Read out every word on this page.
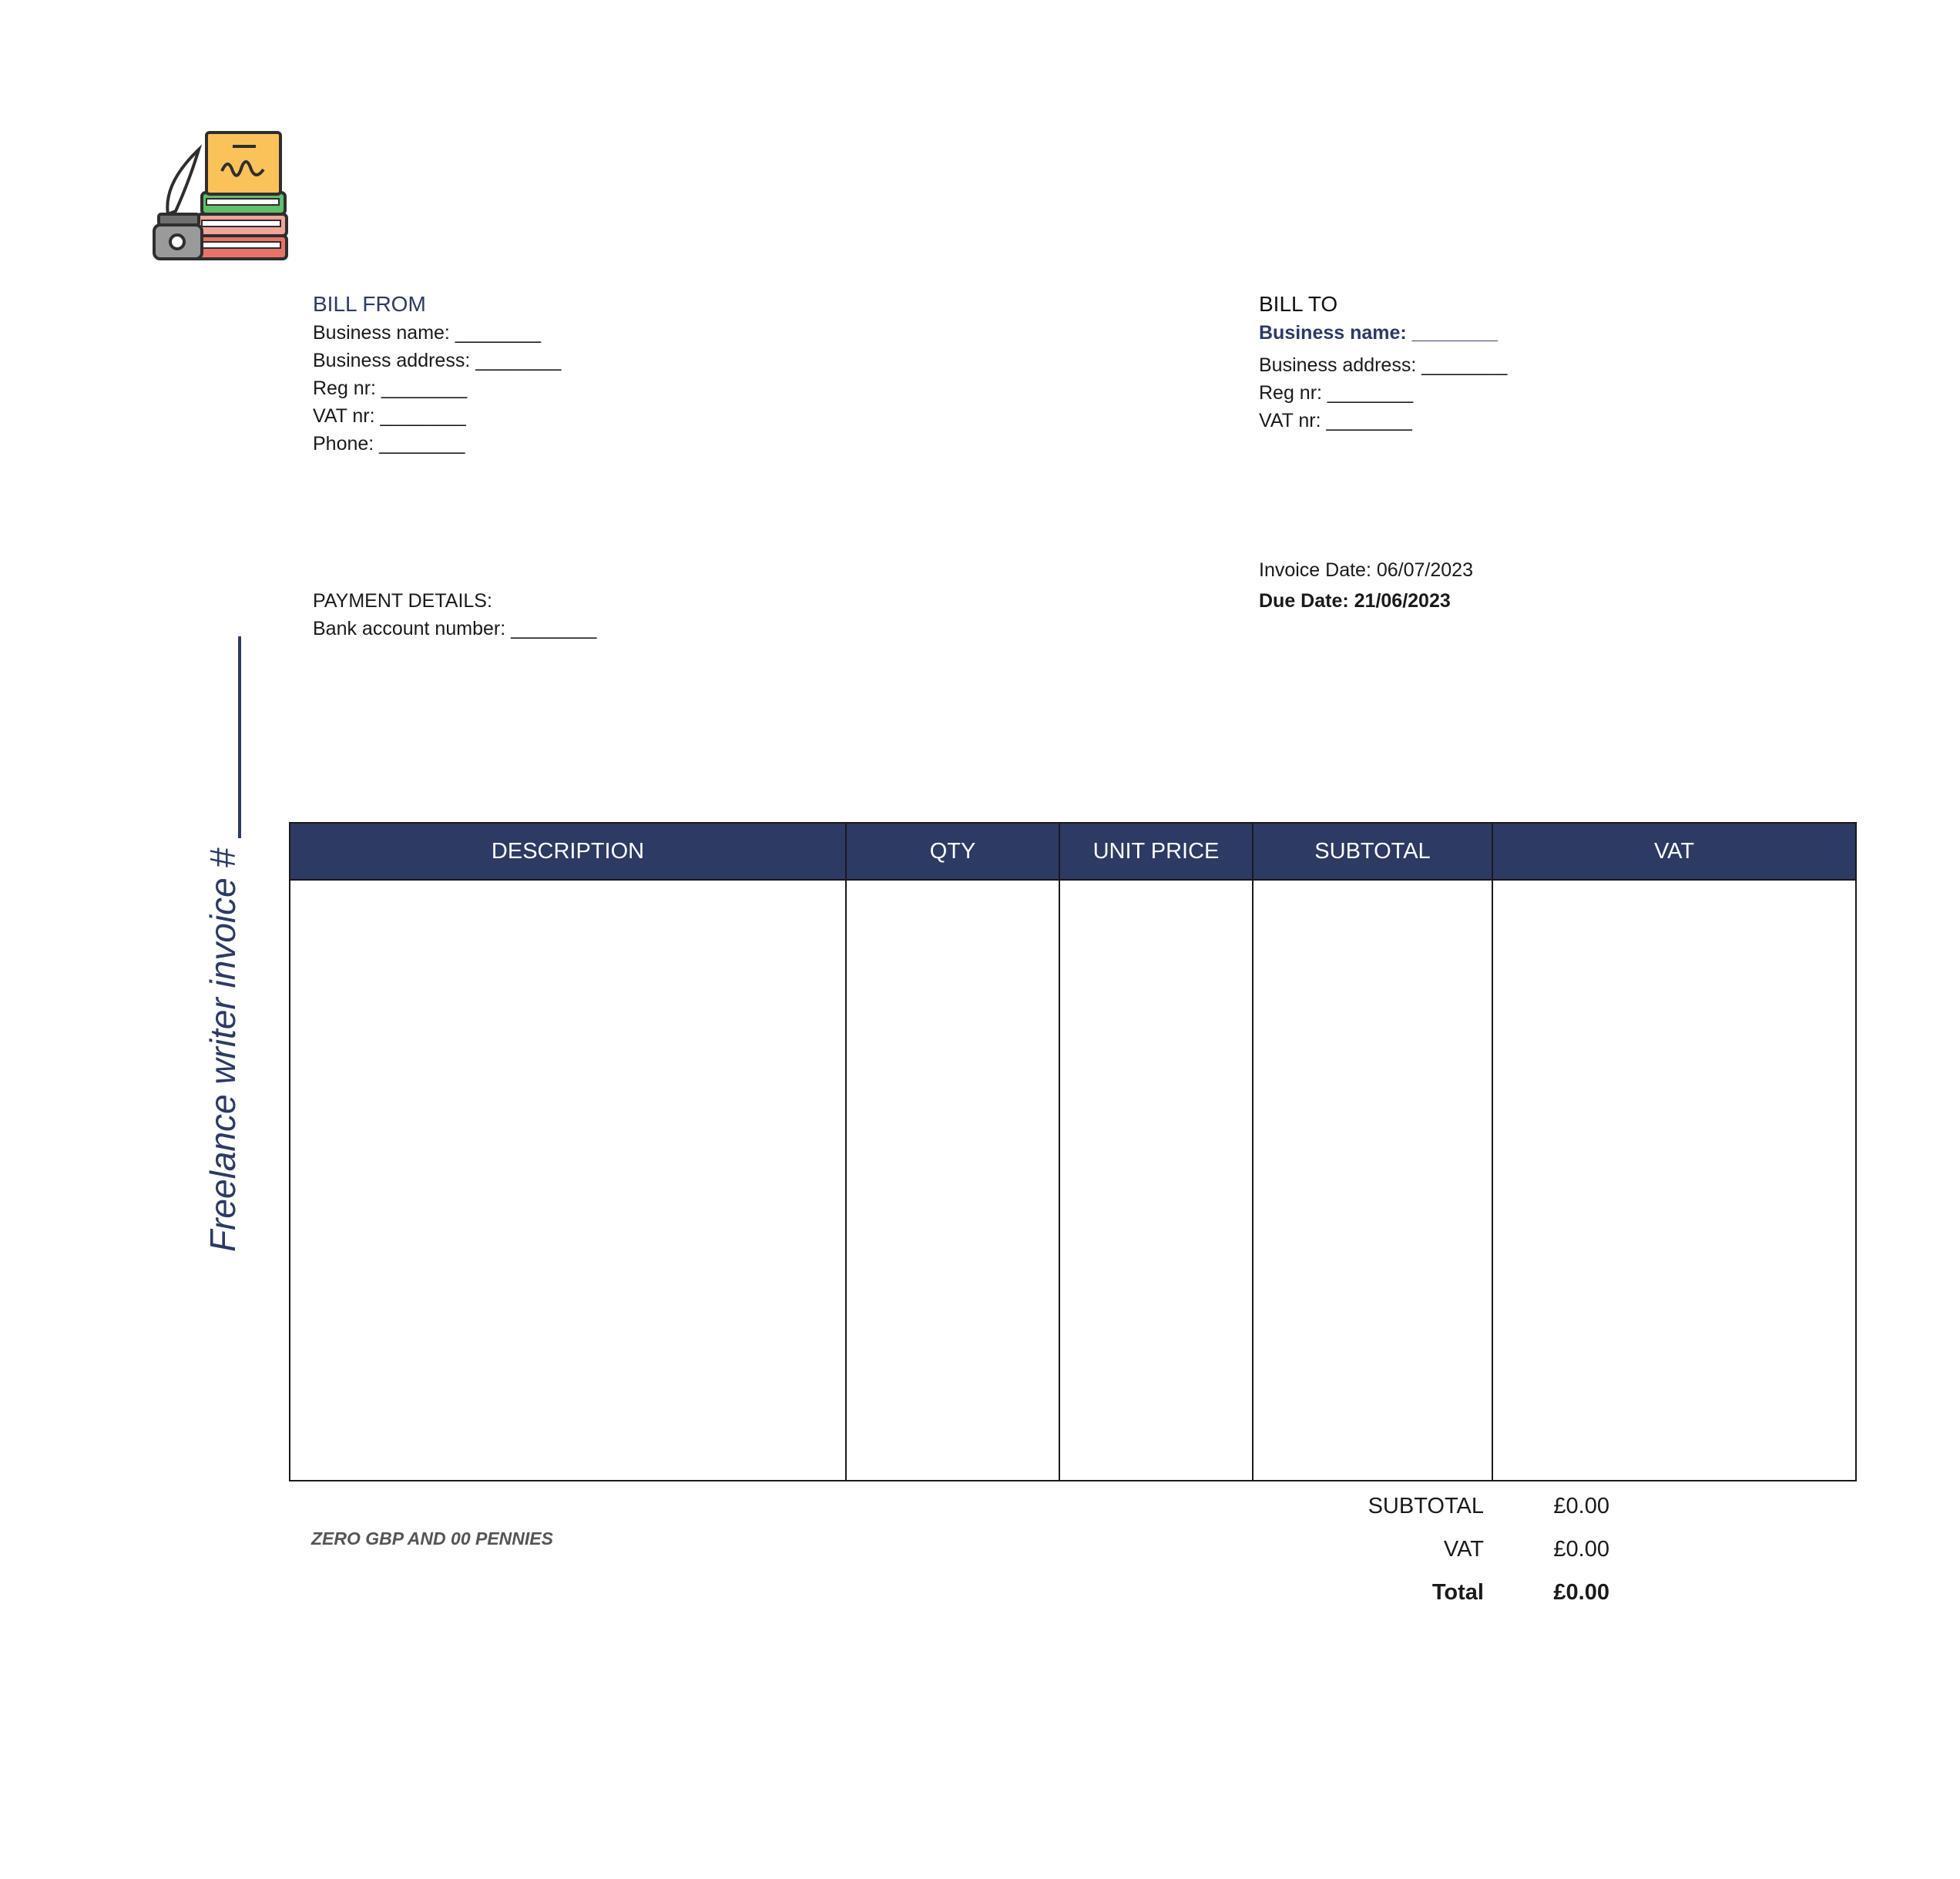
Freelance writer invoice #
BILL FROM
Business name: ________
Business address: ________
Reg nr: ________
VAT nr: ________
Phone: ________
BILL TO
Business name: ________
Business address: ________
Reg nr: ________
VAT nr: ________
Invoice Date: 06/07/2023
Due Date: 21/06/2023
PAYMENT DETAILS:
Bank account number: ________
DESCRIPTION	QTY	UNIT PRICE	SUBTOTAL	VAT

ZERO GBP AND 00 PENNIES
SUBTOTAL	£0.00
VAT	£0.00
Total	£0.00
